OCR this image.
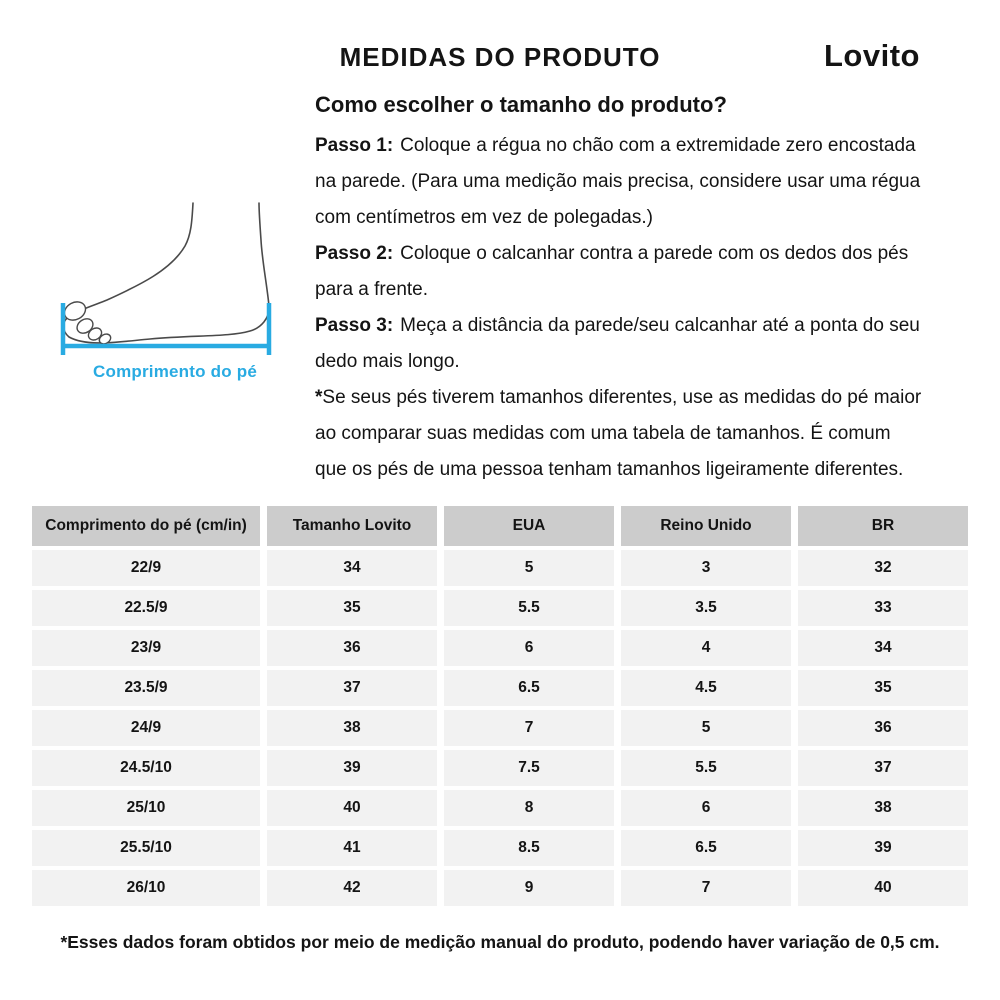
MEDIDAS DO PRODUTO	Lovito
Como escolher o tamanho do produto?
Passo 1: Coloque a régua no chão com a extremidade zero encostada
na parede. (Para uma medição mais precisa, considere usar uma régua
com centímetros em vez de polegadas.)
Passo 2: Coloque o calcanhar contra a parede com os dedos dos pés
para a frente.
Passo 3: Meça a distância da parede/seu calcanhar até a ponta do seu
dedo mais longo.
*Se seus pés tiverem tamanhos diferentes, use as medidas do pé maior
ao comparar suas medidas com uma tabela de tamanhos. É comum
que os pés de uma pessoa tenham tamanhos ligeiramente diferentes.
Comprimento do pé
Comprimento do pé (cm/in)	Tamanho Lovito	EUA	Reino Unido	BR
22/9	34	5	3	32
22.5/9	35	5.5	3.5	33
23/9	36	6	4	34
23.5/9	37	6.5	4.5	35
24/9	38	7	5	36
24.5/10	39	7.5	5.5	37
25/10	40	8	6	38
25.5/10	41	8.5	6.5	39
26/10	42	9	7	40
*Esses dados foram obtidos por meio de medição manual do produto, podendo haver variação de 0,5 cm.
